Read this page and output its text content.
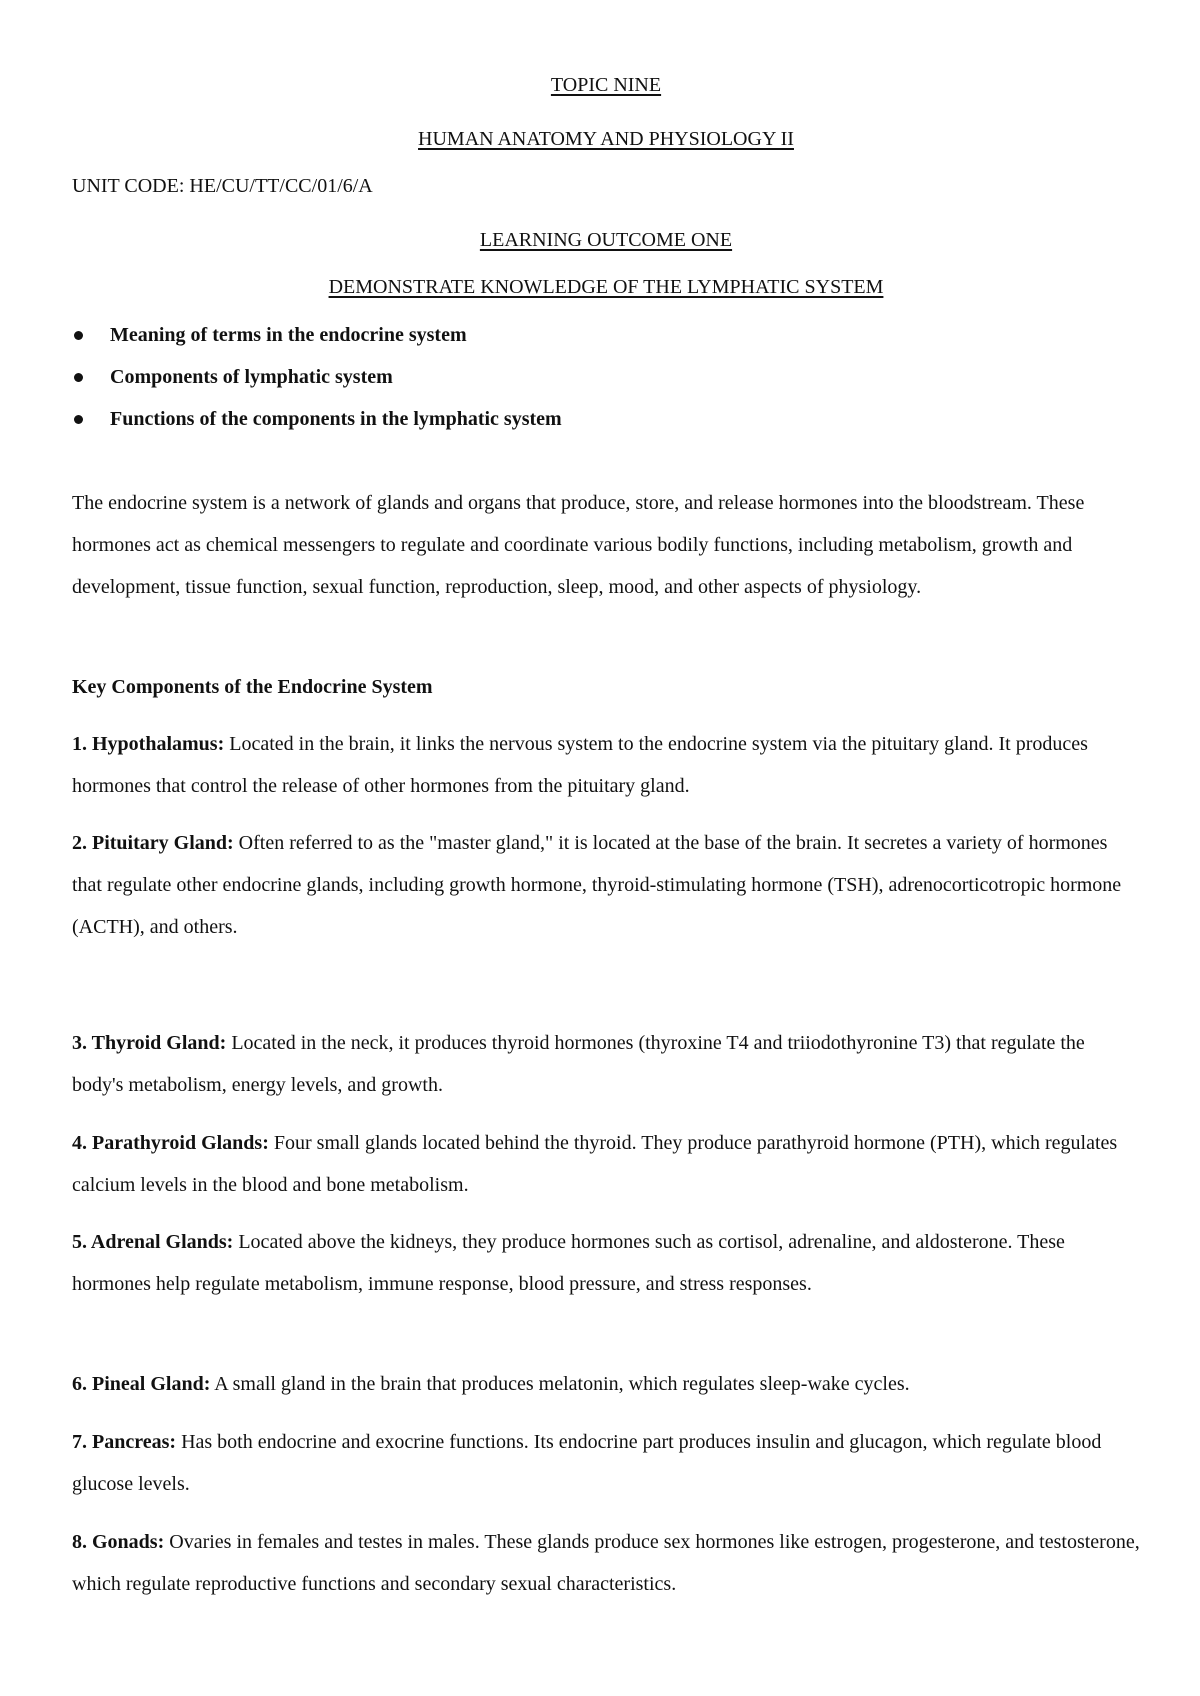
TOPIC NINE
HUMAN ANATOMY AND PHYSIOLOGY II
UNIT CODE: HE/CU/TT/CC/01/6/A
LEARNING OUTCOME ONE
DEMONSTRATE KNOWLEDGE OF THE LYMPHATIC SYSTEM
Meaning of terms in the endocrine system
Components of lymphatic system
Functions of the components in the lymphatic system

The endocrine system is a network of glands and organs that produce, store, and release hormones into the bloodstream. These hormones act as chemical messengers to regulate and coordinate various bodily functions, including metabolism, growth and development, tissue function, sexual function, reproduction, sleep, mood, and other aspects of physiology.

Key Components of the Endocrine System

1. Hypothalamus: Located in the brain, it links the nervous system to the endocrine system via the pituitary gland. It produces hormones that control the release of other hormones from the pituitary gland.

2. Pituitary Gland: Often referred to as the "master gland," it is located at the base of the brain. It secretes a variety of hormones that regulate other endocrine glands, including growth hormone, thyroid-stimulating hormone (TSH), adrenocorticotropic hormone (ACTH), and others.

3. Thyroid Gland: Located in the neck, it produces thyroid hormones (thyroxine T4 and triiodothyronine T3) that regulate the body's metabolism, energy levels, and growth.

4. Parathyroid Glands: Four small glands located behind the thyroid. They produce parathyroid hormone (PTH), which regulates calcium levels in the blood and bone metabolism.

5. Adrenal Glands: Located above the kidneys, they produce hormones such as cortisol, adrenaline, and aldosterone. These hormones help regulate metabolism, immune response, blood pressure, and stress responses.

6. Pineal Gland: A small gland in the brain that produces melatonin, which regulates sleep-wake cycles.

7. Pancreas: Has both endocrine and exocrine functions. Its endocrine part produces insulin and glucagon, which regulate blood glucose levels.

8. Gonads: Ovaries in females and testes in males. These glands produce sex hormones like estrogen, progesterone, and testosterone, which regulate reproductive functions and secondary sexual characteristics.
